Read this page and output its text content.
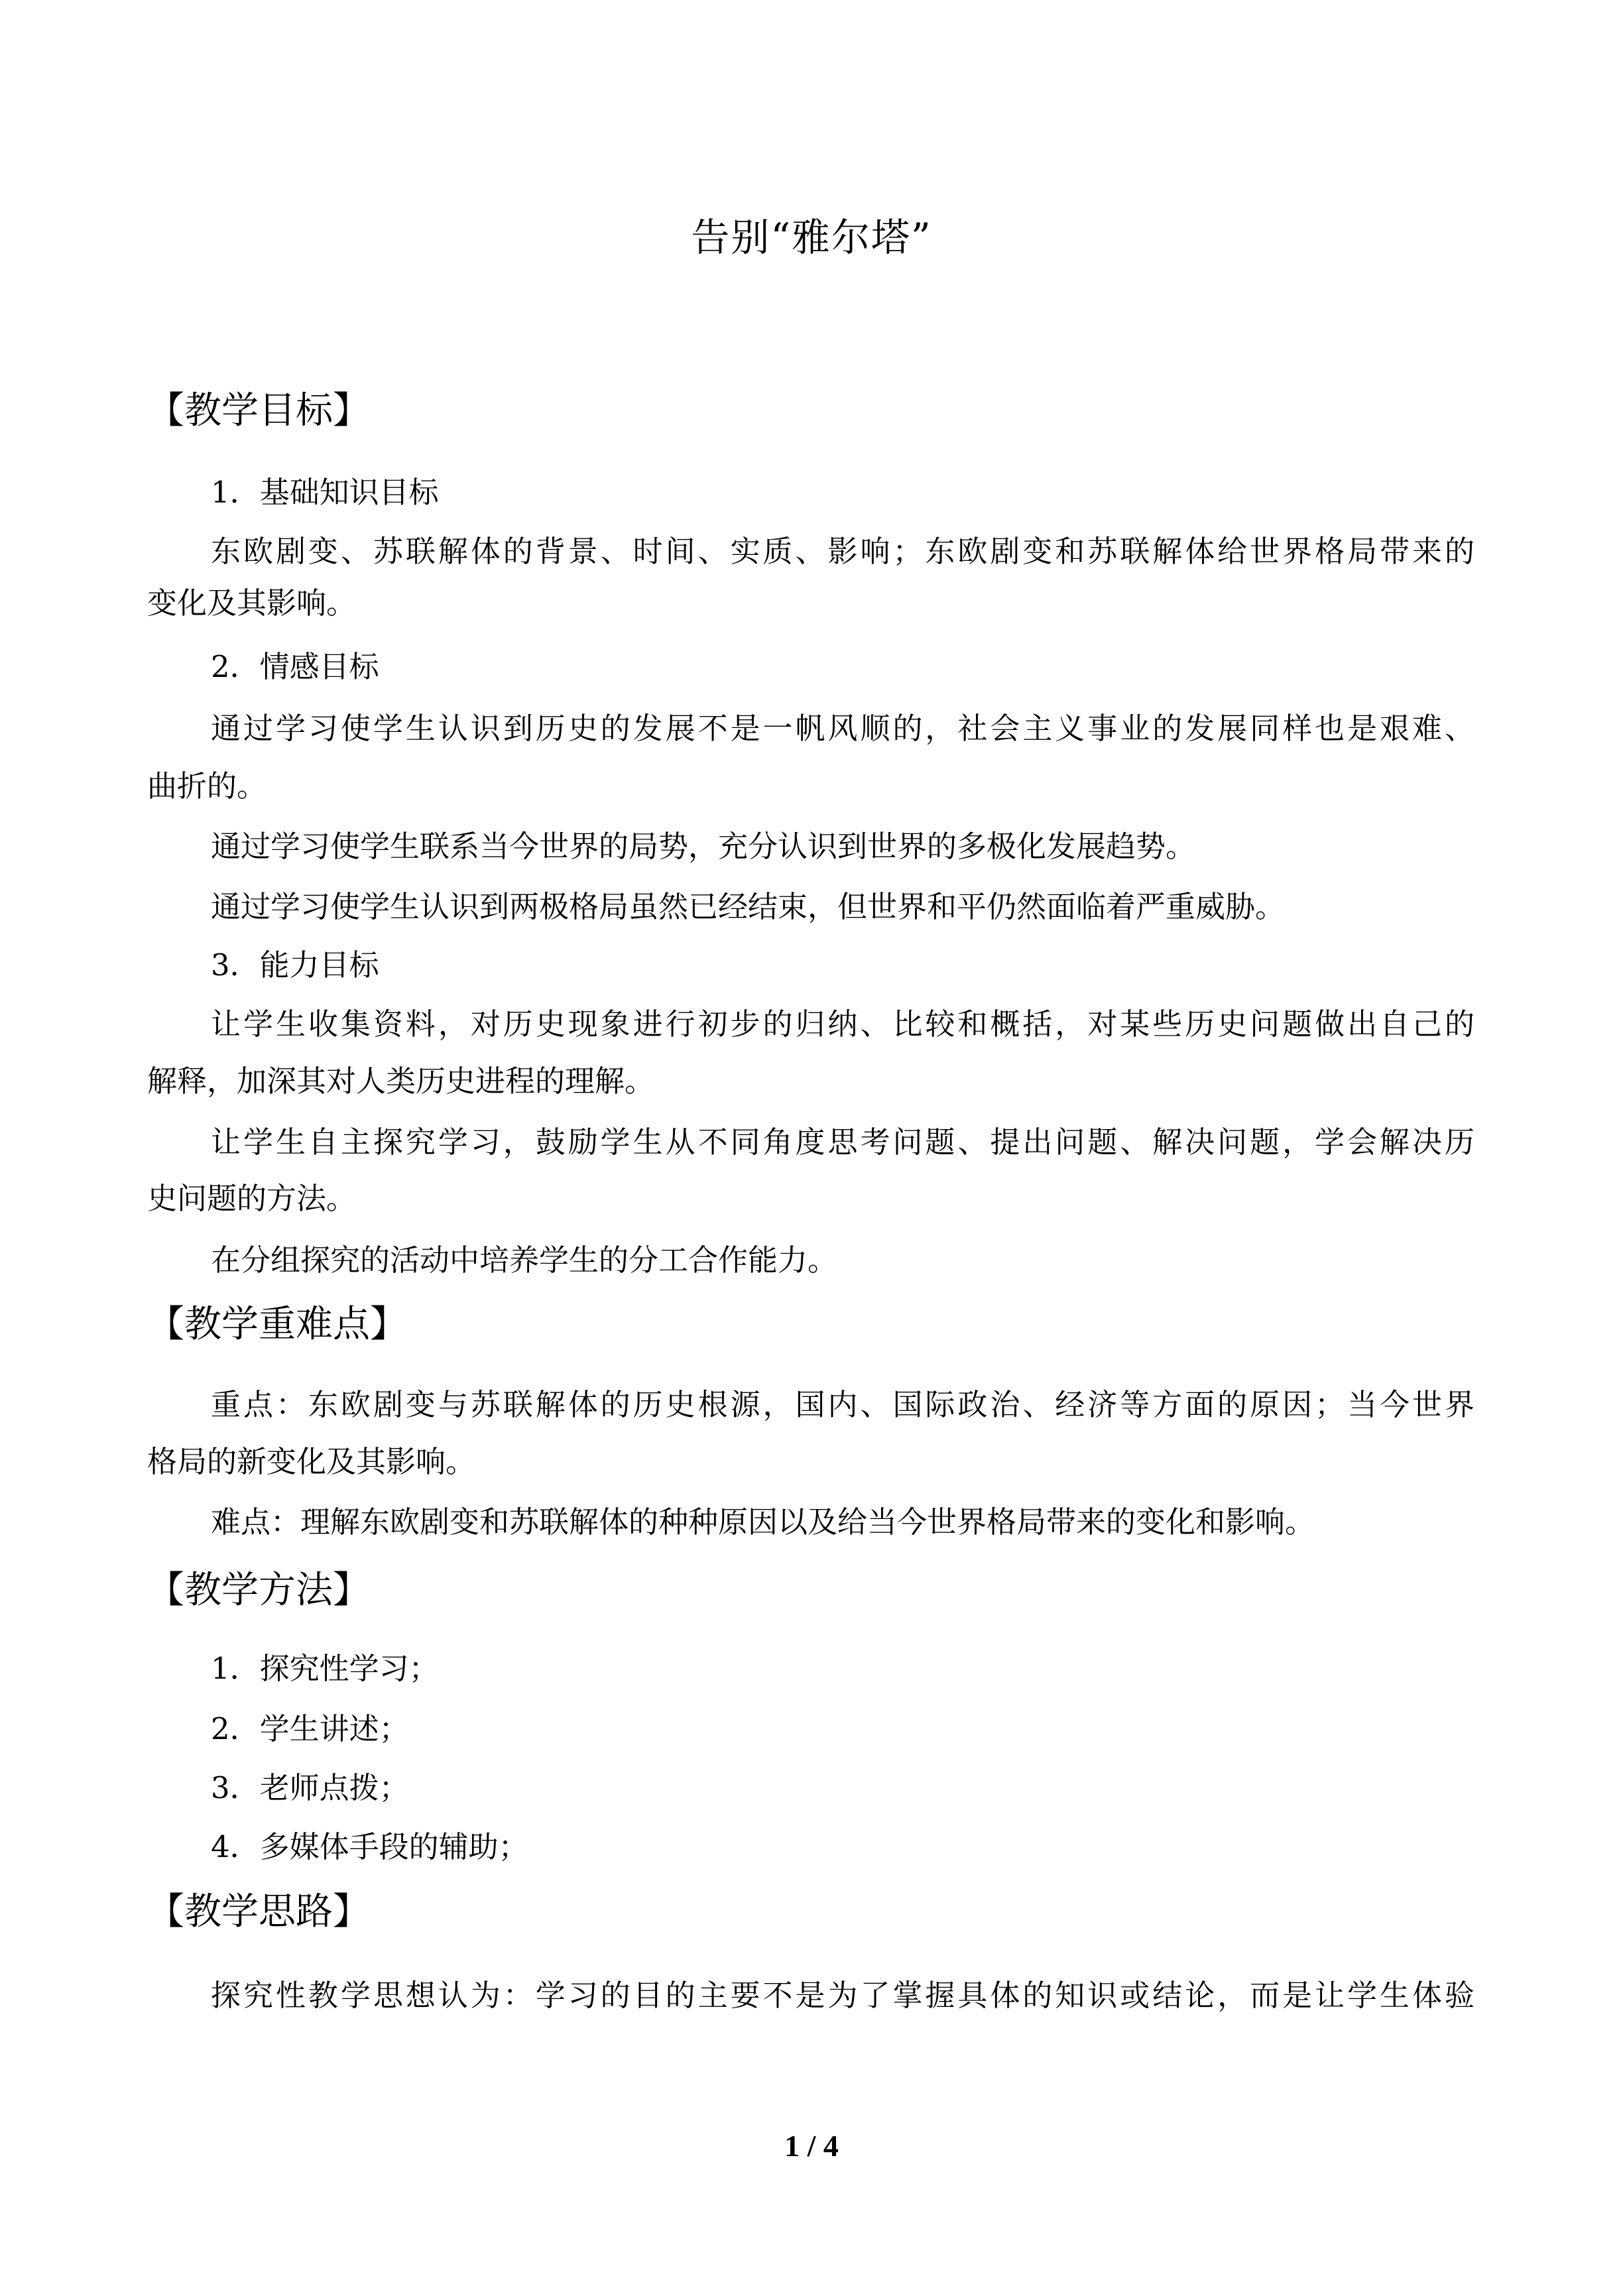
告别“雅尔塔”
【教学目标】
1．基础知识目标
东欧剧变、苏联解体的背景、时间、实质、影响；东欧剧变和苏联解体给世界格局带来的
变化及其影响。
2．情感目标
通过学习使学生认识到历史的发展不是一帆风顺的，社会主义事业的发展同样也是艰难、
曲折的。
通过学习使学生联系当今世界的局势，充分认识到世界的多极化发展趋势。
通过学习使学生认识到两极格局虽然已经结束，但世界和平仍然面临着严重威胁。
3．能力目标
让学生收集资料，对历史现象进行初步的归纳、比较和概括，对某些历史问题做出自己的
解释，加深其对人类历史进程的理解。
让学生自主探究学习，鼓励学生从不同角度思考问题、提出问题、解决问题，学会解决历
史问题的方法。
在分组探究的活动中培养学生的分工合作能力。
【教学重难点】
重点：东欧剧变与苏联解体的历史根源，国内、国际政治、经济等方面的原因；当今世界
格局的新变化及其影响。
难点：理解东欧剧变和苏联解体的种种原因以及给当今世界格局带来的变化和影响。
【教学方法】
1．探究性学习；
2．学生讲述；
3．老师点拨；
4．多媒体手段的辅助；
【教学思路】
探究性教学思想认为：学习的目的主要不是为了掌握具体的知识或结论，而是让学生体验
1 / 4
